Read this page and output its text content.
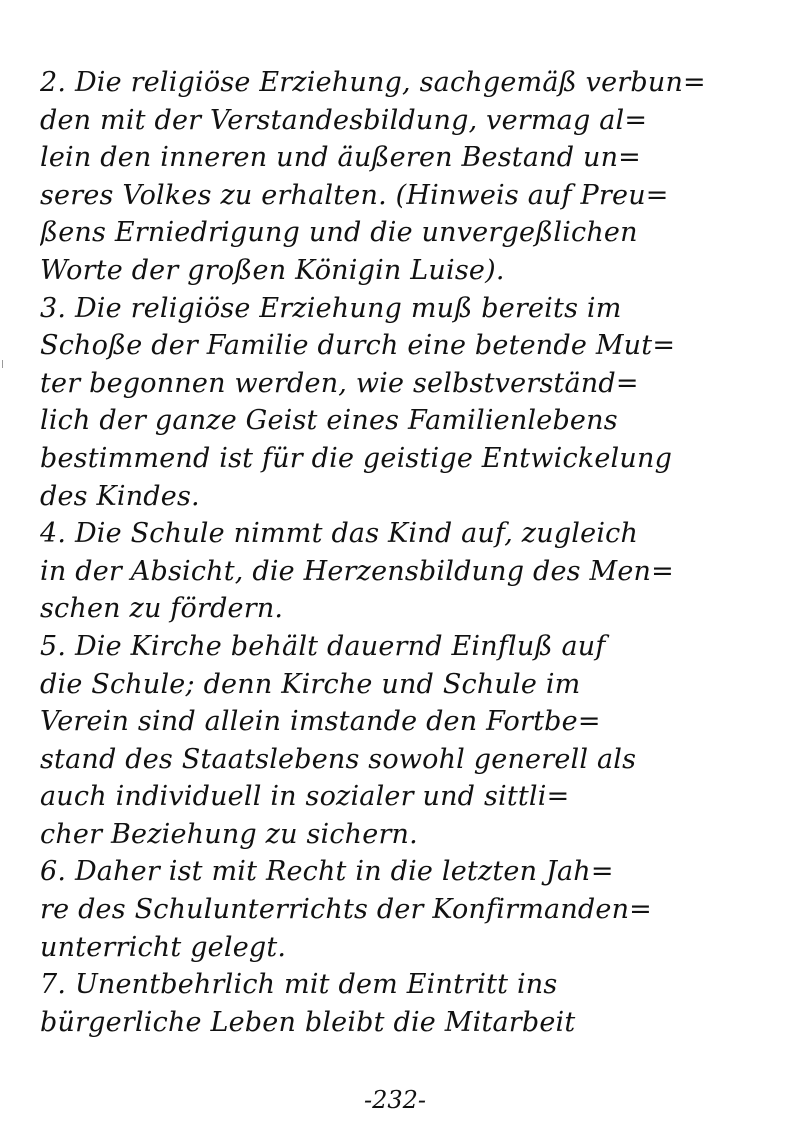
2. Die religiöse Erziehung, sachgemäß verbun=
den mit der Verstandesbildung, vermag al=
lein den inneren und äußeren Bestand un=
seres Volkes zu erhalten. (Hinweis auf Preu=
ßens Erniedrigung und die unvergeßlichen
Worte der großen Königin Luise).
3. Die religiöse Erziehung muß bereits im
Schoße der Familie durch eine betende Mut=
ter begonnen werden, wie selbstverständ=
lich der ganze Geist eines Familienlebens
bestimmend ist für die geistige Entwickelung
des Kindes.
4. Die Schule nimmt das Kind auf, zugleich
in der Absicht, die Herzensbildung des Men=
schen zu fördern.
5. Die Kirche behält dauernd Einfluß auf
die Schule; denn Kirche und Schule im
Verein sind allein imstande den Fortbe=
stand des Staatslebens sowohl generell als
auch individuell in sozialer und sittli=
cher Beziehung zu sichern.
6. Daher ist mit Recht in die letzten Jah=
re des Schulunterrichts der Konfirmanden=
unterricht gelegt.
7. Unentbehrlich mit dem Eintritt ins
bürgerliche Leben bleibt die Mitarbeit
-232-
